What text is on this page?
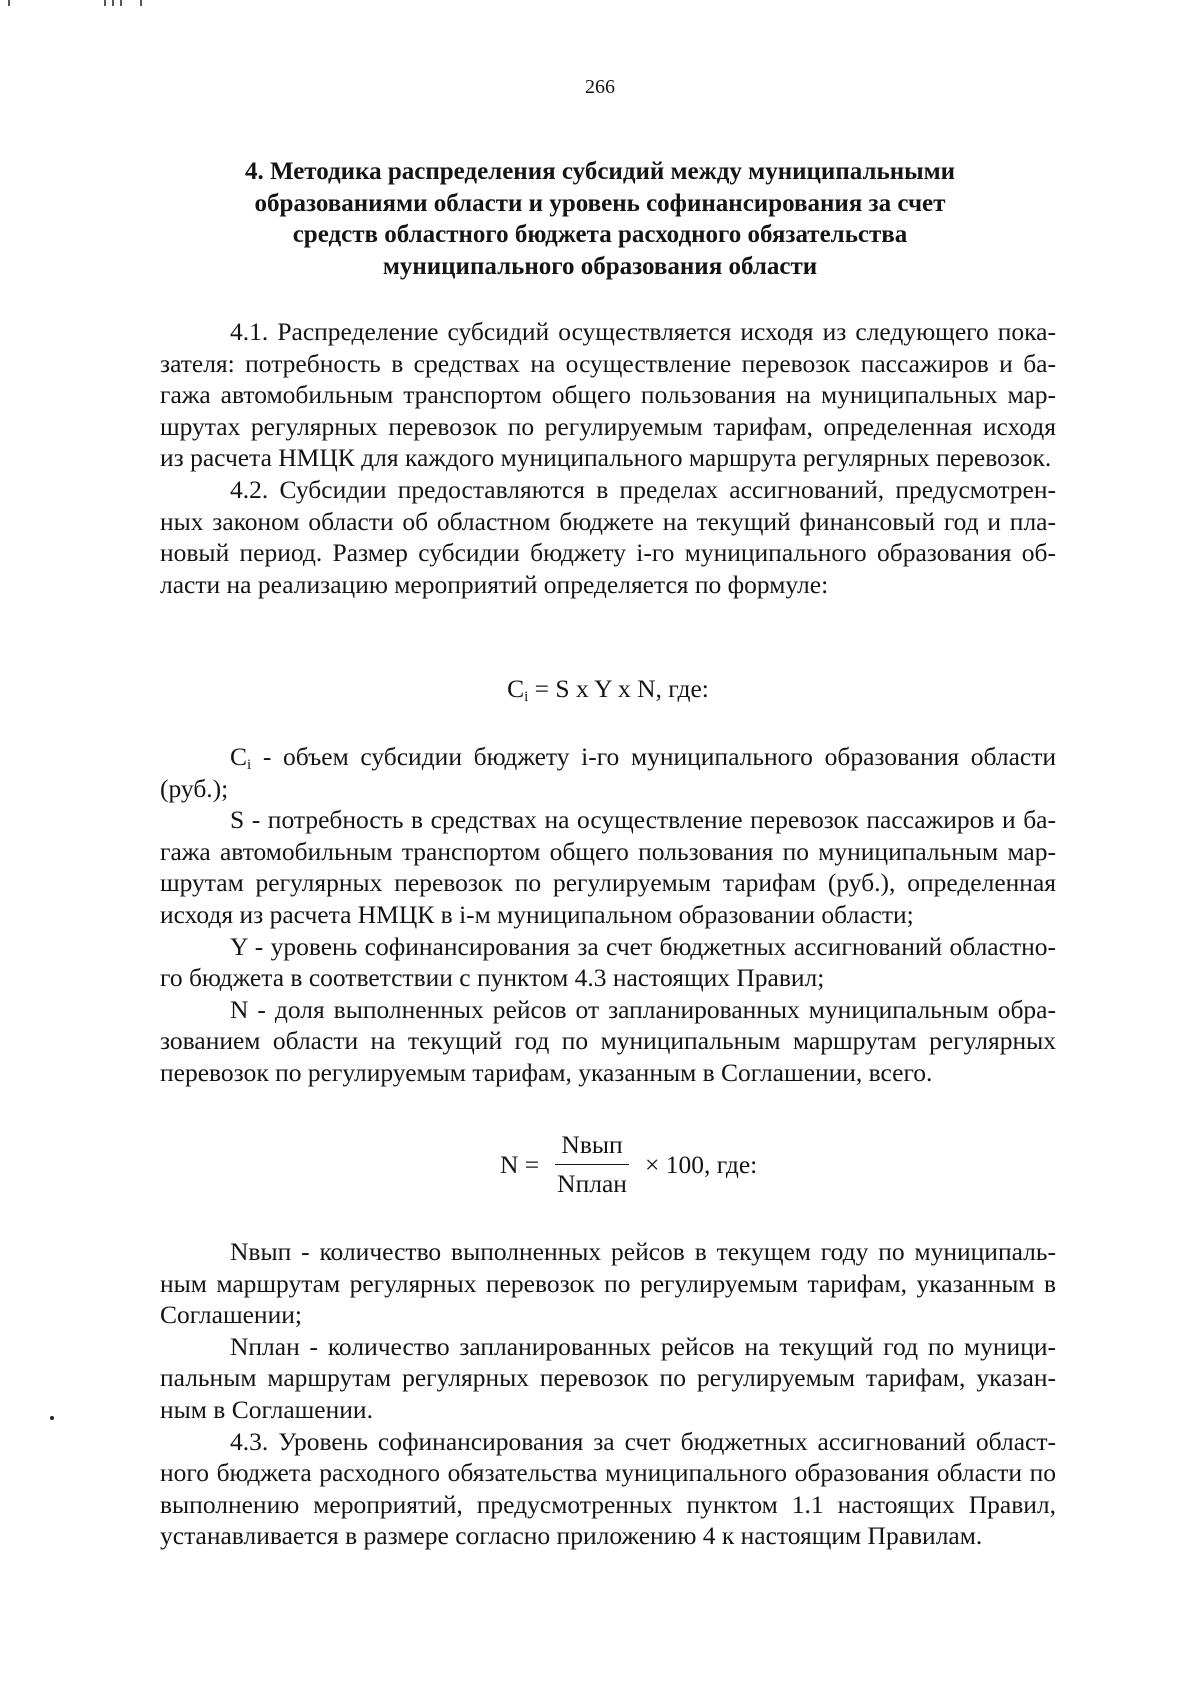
266
4. Методика распределения субсидий между муниципальными
образованиями области и уровень софинансирования за счет
средств областного бюджета расходного обязательства
муниципального образования области

4.1. Распределение субсидий осуществляется исходя из следующего показателя: потребность в средствах на осуществление перевозок пассажиров и багажа автомобильным транспортом общего пользования на муниципальных маршрутах регулярных перевозок по регулируемым тарифам, определенная исходя из расчета НМЦК для каждого муниципального маршрута регулярных перевозок.

4.2. Субсидии предоставляются в пределах ассигнований, предусмотренных законом области об областном бюджете на текущий финансовый год и плановый период. Размер субсидии бюджету i-го муниципального образования области на реализацию мероприятий определяется по формуле:

$C_i = S$ x Y x N, где:

$C_i$ - объем субсидии бюджету i-го муниципального образования области (руб.);

S - потребность в средствах на осуществление перевозок пассажиров и багажа автомобильным транспортом общего пользования по муниципальным маршрутам регулярных перевозок по регулируемым тарифам (руб.), определенная исходя из расчета НМЦК в i-м муниципальном образовании области;

Y - уровень софинансирования за счет бюджетных ассигнований областного бюджета в соответствии с пунктом 4.3 настоящих Правил;

N - доля выполненных рейсов от запланированных муниципальным образованием области на текущий год по муниципальным маршрутам регулярных перевозок по регулируемым тарифам, указанным в Соглашении, всего.

$N = \frac{\text{Nвып}}{\text{Nплан}} \times 100$, где:

Nвып - количество выполненных рейсов в текущем году по муниципальным маршрутам регулярных перевозок по регулируемым тарифам, указанным в Соглашении;

Nплан - количество запланированных рейсов на текущий год по муниципальным маршрутам регулярных перевозок по регулируемым тарифам, указанным в Соглашении.

4.3. Уровень софинансирования за счет бюджетных ассигнований областного бюджета расходного обязательства муниципального образования области по выполнению мероприятий, предусмотренных пунктом 1.1 настоящих Правил, устанавливается в размере согласно приложению 4 к настоящим Правилам.
